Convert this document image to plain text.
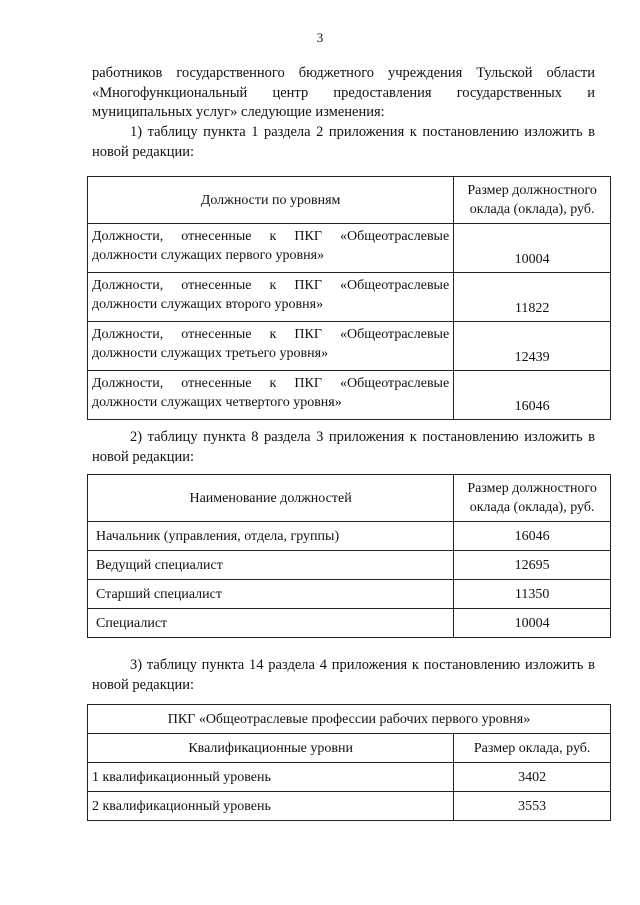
3

работников государственного бюджетного учреждения Тульской области «Многофункциональный центр предоставления государственных и муниципальных услуг» следующие изменения:

1) таблицу пункта 1 раздела 2 приложения к постановлению изложить в новой редакции:

Должности по уровням	Размер должностного оклада (оклада), руб.
Должности, отнесенные к ПКГ «Общеотраслевые должности служащих первого уровня»	10004
Должности, отнесенные к ПКГ «Общеотраслевые должности служащих второго уровня»	11822
Должности, отнесенные к ПКГ «Общеотраслевые должности служащих третьего уровня»	12439
Должности, отнесенные к ПКГ «Общеотраслевые должности служащих четвертого уровня»	16046

2) таблицу пункта 8 раздела 3 приложения к постановлению изложить в новой редакции:

Наименование должностей	Размер должностного оклада (оклада), руб.
Начальник (управления, отдела, группы)	16046
Ведущий специалист	12695
Старший специалист	11350
Специалист	10004

3) таблицу пункта 14 раздела 4 приложения к постановлению изложить в новой редакции:

ПКГ «Общеотраслевые профессии рабочих первого уровня»	
Квалификационные уровни	Размер оклада, руб.
1 квалификационный уровень	3402
2 квалификационный уровень	3553
